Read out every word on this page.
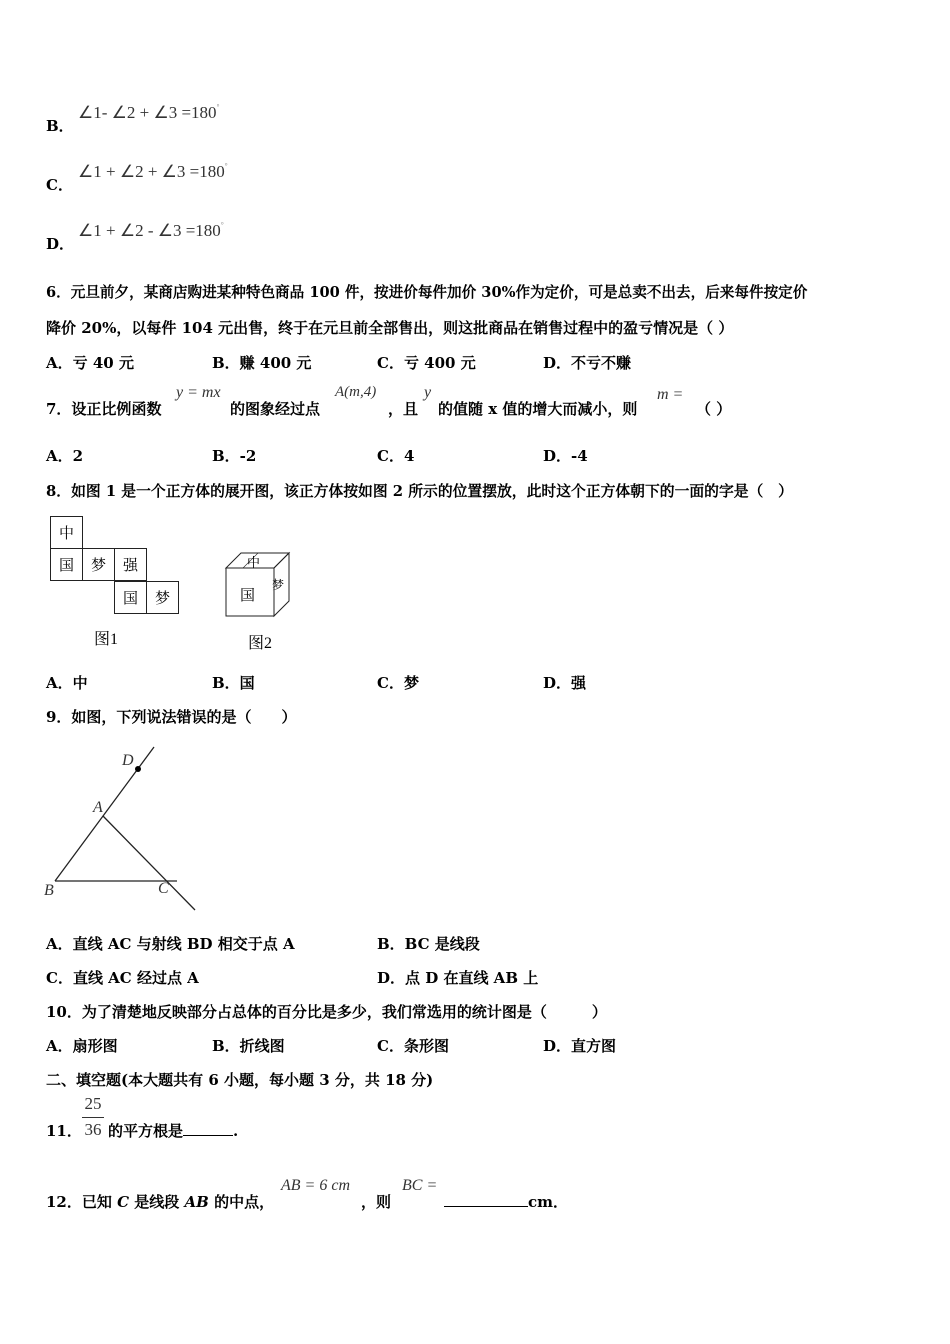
B．
∠1- ∠2 + ∠3 =180°
C．
∠1 + ∠2 + ∠3 =180°
D．
∠1 + ∠2 - ∠3 =180°
6．元旦前夕，某商店购进某种特色商品 100 件，按进价每件加价 30%作为定价，可是总卖不出去，后来每件按定价
降价 20%，以每件 104 元出售，终于在元旦前全部售出，则这批商品在销售过程中的盈亏情况是（ ）
A．亏 40 元	B．赚 400 元	C．亏 400 元	D．不亏不赚
7．设正比例函数
y = mx
的图象经过点
A(m,4)
，且
y
的值随 x 值的增大而减小，则
m =
（ ）
A．2	B．-2	C．4	D．-4
8．如图 1 是一个正方体的展开图，该正方体按如图 2 所示的位置摆放，此时这个正方体朝下的一面的字是（　）
中
国	梦	强
国	梦
图1
中
国
梦
图2
A．中	B．国	C．梦	D．强
9．如图，下列说法错误的是（　　）
D
A
B	C
A．直线 AC 与射线 BD 相交于点 A	B．BC 是线段
C．直线 AC 经过点 A	D．点 D 在直线 AB 上
10．为了清楚地反映部分占总体的百分比是多少，我们常选用的统计图是（　　　）
A．扇形图	B．折线图	C．条形图	D．直方图
二、填空题(本大题共有 6 小题，每小题 3 分，共 18 分)
11．
25
36 的平方根是	.
12．已知 C 是线段 AB 的中点，
AB = 6 cm
，则
BC =
cm．
